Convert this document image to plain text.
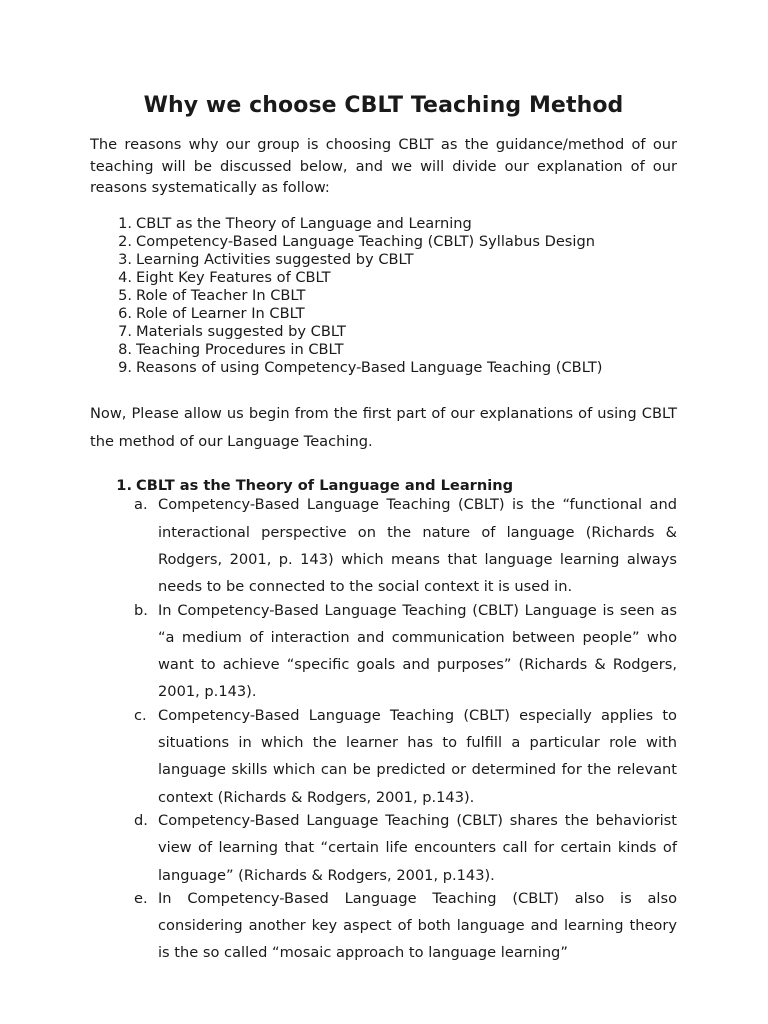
Why we choose CBLT Teaching Method

The reasons why our group is choosing CBLT as the guidance/method of our teaching will be discussed below, and we will divide our explanation of our reasons systematically as follow:

1. CBLT as the Theory of Language and Learning
2. Competency-Based Language Teaching (CBLT) Syllabus Design
3. Learning Activities suggested by CBLT
4. Eight Key Features of CBLT
5. Role of Teacher In CBLT
6. Role of Learner In CBLT
7. Materials suggested by CBLT
8. Teaching Procedures in CBLT
9. Reasons of using Competency-Based Language Teaching (CBLT)

Now, Please allow us begin from the first part of our explanations of using CBLT the method of our Language Teaching.

1. CBLT as the Theory of Language and Learning
a. Competency-Based Language Teaching (CBLT) is the “functional and interactional perspective on the nature of language (Richards & Rodgers, 2001, p. 143) which means that language learning always needs to be connected to the social context it is used in.
b. In Competency-Based Language Teaching (CBLT) Language is seen as “a medium of interaction and communication between people” who want to achieve “specific goals and purposes” (Richards & Rodgers, 2001, p.143).
c. Competency-Based Language Teaching (CBLT) especially applies to situations in which the learner has to fulfill a particular role with language skills which can be predicted or determined for the relevant context (Richards & Rodgers, 2001, p.143).
d. Competency-Based Language Teaching (CBLT) shares the behaviorist view of learning that “certain life encounters call for certain kinds of language” (Richards & Rodgers, 2001, p.143).
e. In Competency-Based Language Teaching (CBLT) also is also considering another key aspect of both language and learning theory is the so called “mosaic approach to language learning”
